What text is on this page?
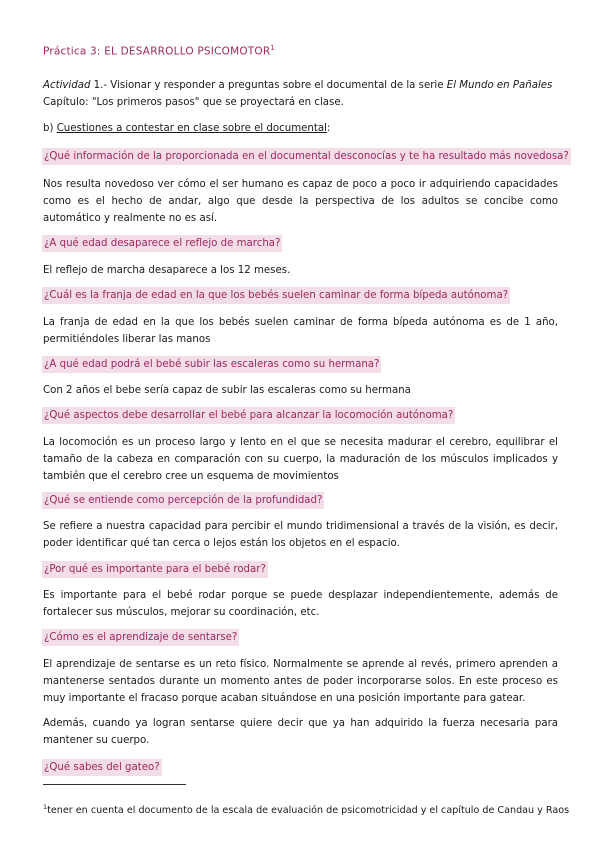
Práctica 3: EL DESARROLLO PSICOMOTOR$^1$

Actividad 1.- Visionar y responder a preguntas sobre el documental de la serie El Mundo en Pañales Capítulo: "Los primeros pasos" que se proyectará en clase.

b) Cuestiones a contestar en clase sobre el documental:

¿Qué información de la proporcionada en el documental desconocías y te ha resultado más novedosa?

Nos resulta novedoso ver cómo el ser humano es capaz de poco a poco ir adquiriendo capacidades como es el hecho de andar, algo que desde la perspectiva de los adultos se concibe como automático y realmente no es así.

¿A qué edad desaparece el reflejo de marcha?

El reflejo de marcha desaparece a los 12 meses.

¿Cuál es la franja de edad en la que los bebés suelen caminar de forma bípeda autónoma?

La franja de edad en la que los bebés suelen caminar de forma bípeda autónoma es de 1 año, permitiéndoles liberar las manos

¿A qué edad podrá el bebé subir las escaleras como su hermana?

Con 2 años el bebe sería capaz de subir las escaleras como su hermana

¿Qué aspectos debe desarrollar el bebé para alcanzar la locomoción autónoma?

La locomoción es un proceso largo y lento en el que se necesita madurar el cerebro, equilibrar el tamaño de la cabeza en comparación con su cuerpo, la maduración de los músculos implicados y también que el cerebro cree un esquema de movimientos

¿Qué se entiende como percepción de la profundidad?

Se refiere a nuestra capacidad para percibir el mundo tridimensional a través de la visión, es decir, poder identificar qué tan cerca o lejos están los objetos en el espacio.

¿Por qué es importante para el bebé rodar?

Es importante para el bebé rodar porque se puede desplazar independientemente, además de fortalecer sus músculos, mejorar su coordinación, etc.

¿Cómo es el aprendizaje de sentarse?

El aprendizaje de sentarse es un reto físico. Normalmente se aprende al revés, primero aprenden a mantenerse sentados durante un momento antes de poder incorporarse solos. En este proceso es muy importante el fracaso porque acaban situándose en una posición importante para gatear.

Además, cuando ya logran sentarse quiere decir que ya han adquirido la fuerza necesaria para mantener su cuerpo.

¿Qué sabes del gateo?

$^1$tener en cuenta el documento de la escala de evaluación de psicomotricidad y el capítulo de Candau y Raos
